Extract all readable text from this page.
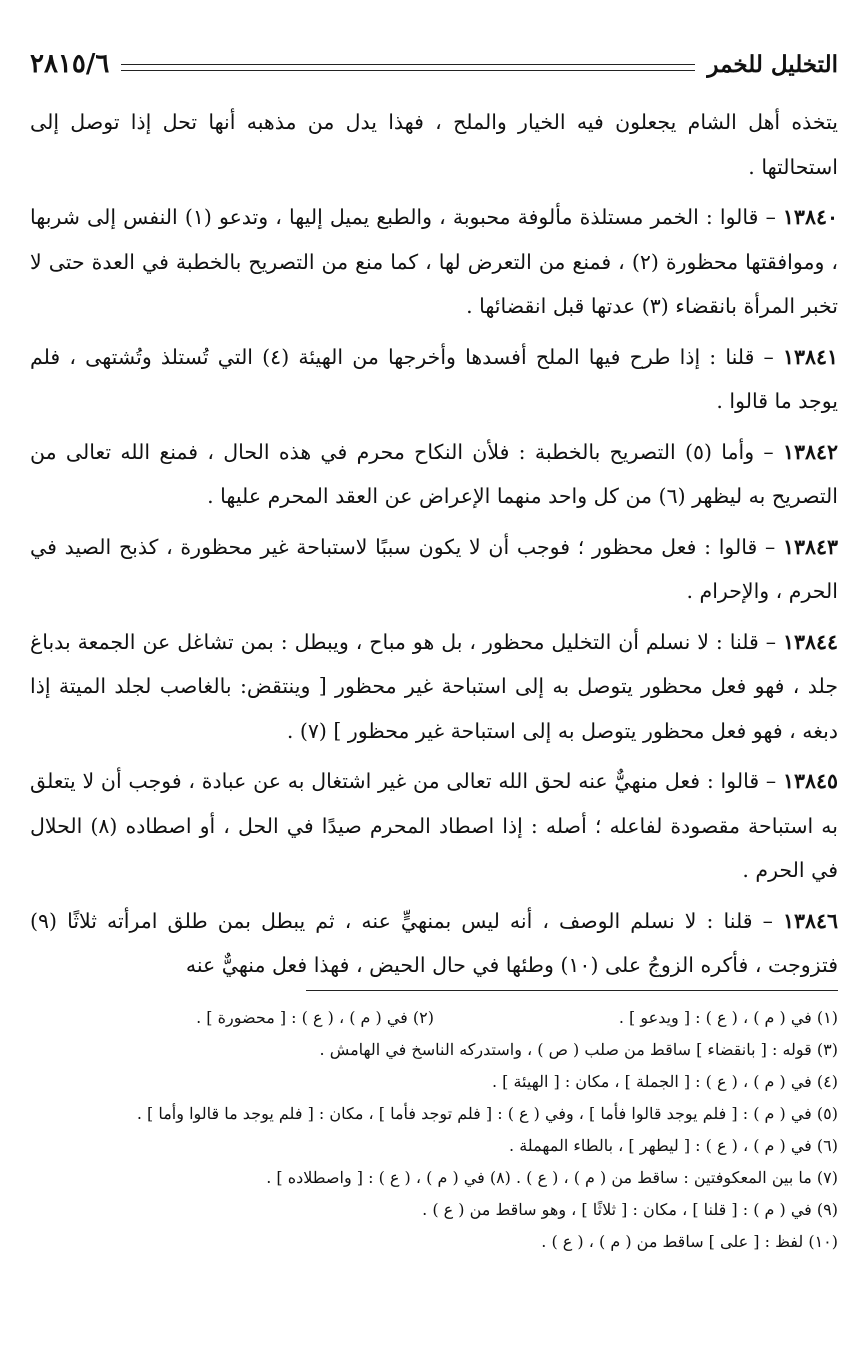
التخليل للخمر
٢٨١٥/٦

يتخذه أهل الشام يجعلون فيه الخيار والملح ، فهذا يدل من مذهبه أنها تحل إذا توصل إلى استحالتها .

١٣٨٤٠ – قالوا : الخمر مستلذة مألوفة محبوبة ، والطبع يميل إليها ، وتدعو (١) النفس إلى شربها ، وموافقتها محظورة (٢) ، فمنع من التعرض لها ، كما منع من التصريح بالخطبة في العدة حتى لا تخبر المرأة بانقضاء (٣) عدتها قبل انقضائها .

١٣٨٤١ – قلنا : إذا طرح فيها الملح أفسدها وأخرجها من الهيئة (٤) التي تُستلذ وتُشتهى ، فلم يوجد ما قالوا .

١٣٨٤٢ – وأما (٥) التصريح بالخطبة : فلأن النكاح محرم في هذه الحال ، فمنع الله تعالى من التصريح به ليظهر (٦) من كل واحد منهما الإعراض عن العقد المحرم عليها .

١٣٨٤٣ – قالوا : فعل محظور ؛ فوجب أن لا يكون سببًا لاستباحة غير محظورة ، كذبح الصيد في الحرم ، والإحرام .

١٣٨٤٤ – قلنا : لا نسلم أن التخليل محظور ، بل هو مباح ، ويبطل : بمن تشاغل عن الجمعة بدباغ جلد ، فهو فعل محظور يتوصل به إلى استباحة غير محظور [ وينتقض: بالغاصب لجلد الميتة إذا دبغه ، فهو فعل محظور يتوصل به إلى استباحة غير محظور ] (٧) .

١٣٨٤٥ – قالوا : فعل منهيٌّ عنه لحق الله تعالى من غير اشتغال به عن عبادة ، فوجب أن لا يتعلق به استباحة مقصودة لفاعله ؛ أصله : إذا اصطاد المحرم صيدًا في الحل ، أو اصطاده (٨) الحلال في الحرم .

١٣٨٤٦ – قلنا : لا نسلم الوصف ، أنه ليس بمنهيٍّ عنه ، ثم يبطل بمن طلق امرأته ثلاثًا (٩) فتزوجت ، فأكره الزوجُ على (١٠) وطئها في حال الحيض ، فهذا فعل منهيٌّ عنه

(١) في ( م ) ، ( ع ) : [ ويدعو ] .
(٢) في ( م ) ، ( ع ) : [ محضورة ] .
(٣) قوله : [ بانقضاء ] ساقط من صلب ( ص ) ، واستدركه الناسخ في الهامش .
(٤) في ( م ) ، ( ع ) : [ الجملة ] ، مكان : [ الهيئة ] .
(٥) في ( م ) : [ فلم يوجد قالوا فأما ] ، وفي ( ع ) : [ فلم توجد فأما ] ، مكان : [ فلم يوجد ما قالوا وأما ] .
(٦) في ( م ) ، ( ع ) : [ ليطهر ] ، بالطاء المهملة .
(٧) ما بين المعكوفتين : ساقط من ( م ) ، ( ع ) . (٨) في ( م ) ، ( ع ) : [ واصطلاده ] .
(٩) في ( م ) : [ قلنا ] ، مكان : [ ثلاثًا ] ، وهو ساقط من ( ع ) .
(١٠) لفظ : [ على ] ساقط من ( م ) ، ( ع ) .
